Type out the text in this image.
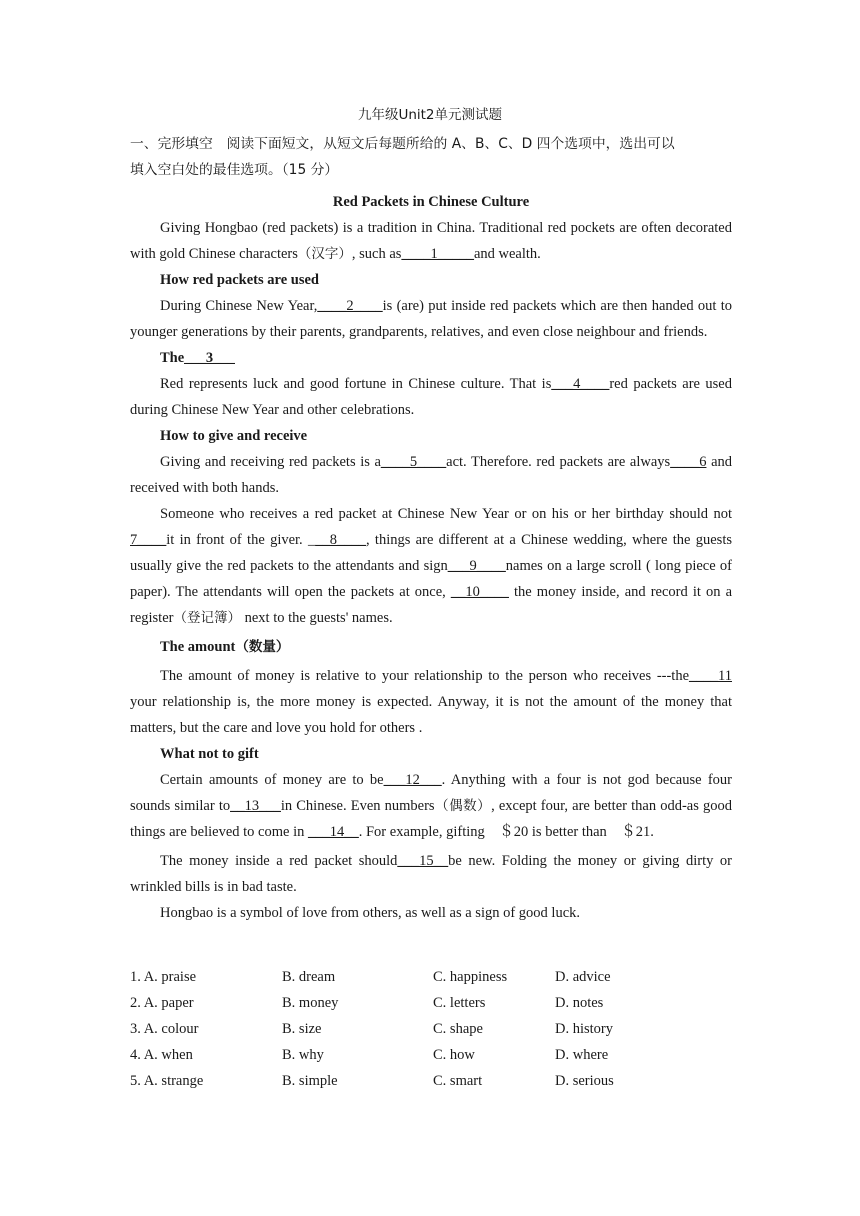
九年级Unit2单元测试题

一、完形填空　阅读下面短文，从短文后每题所给的 A、B、C、D 四个选项中，选出可以

填入空白处的最佳选项。（15 分）

Red Packets in Chinese Culture

Giving Hongbao (red packets) is a tradition in China. Traditional red pockets are often decorated with gold Chinese characters（汉字）, such as____1_____and wealth.

How red packets are used

During Chinese New Year,____2____is (are) put inside red packets which are then handed out to younger generations by their parents, grandparents, relatives, and even close neighbour and friends.

The___3___

Red represents luck and good fortune in Chinese culture. That is___4____red packets are used during Chinese New Year and other celebrations.

How to give and receive

Giving and receiving red packets is a____5____act. Therefore. red packets are always____6 and received with both hands.

Someone who receives a red packet at Chinese New Year or on his or her birthday should not 7____it in front of the giver. ___8____, things are different at a Chinese wedding, where the guests usually give the red packets to the attendants and sign___9____names on a large scroll ( long piece of paper). The attendants will open the packets at once, __10____ the money inside, and record it on a register（登记簿） next to the guests' names.

The amount（数量）

The amount of money is relative to your relationship to the person who receives ---the____11 your relationship is, the more money is expected. Anyway, it is not the amount of the money that matters, but the care and love you hold for others .

What not to gift

Certain amounts of money are to be___12___. Anything with a four is not god because four sounds similar to__13___in Chinese. Even numbers（偶数）, except four, are better than odd-as good things are believed to come in ___14__. For example, gifting　＄20 is better than　＄21.

The money inside a red packet should___15__be new. Folding the money or giving dirty or wrinkled bills is in bad taste.

Hongbao is a symbol of love from others, as well as a sign of good luck.

1. A. praise	B. dream	C. happiness	D. advice
2. A. paper	B. money	C. letters	D. notes
3. A. colour	B. size	C. shape	D. history
4. A. when	B. why	C. how	D. where
5. A. strange	B. simple	C. smart	D. serious
